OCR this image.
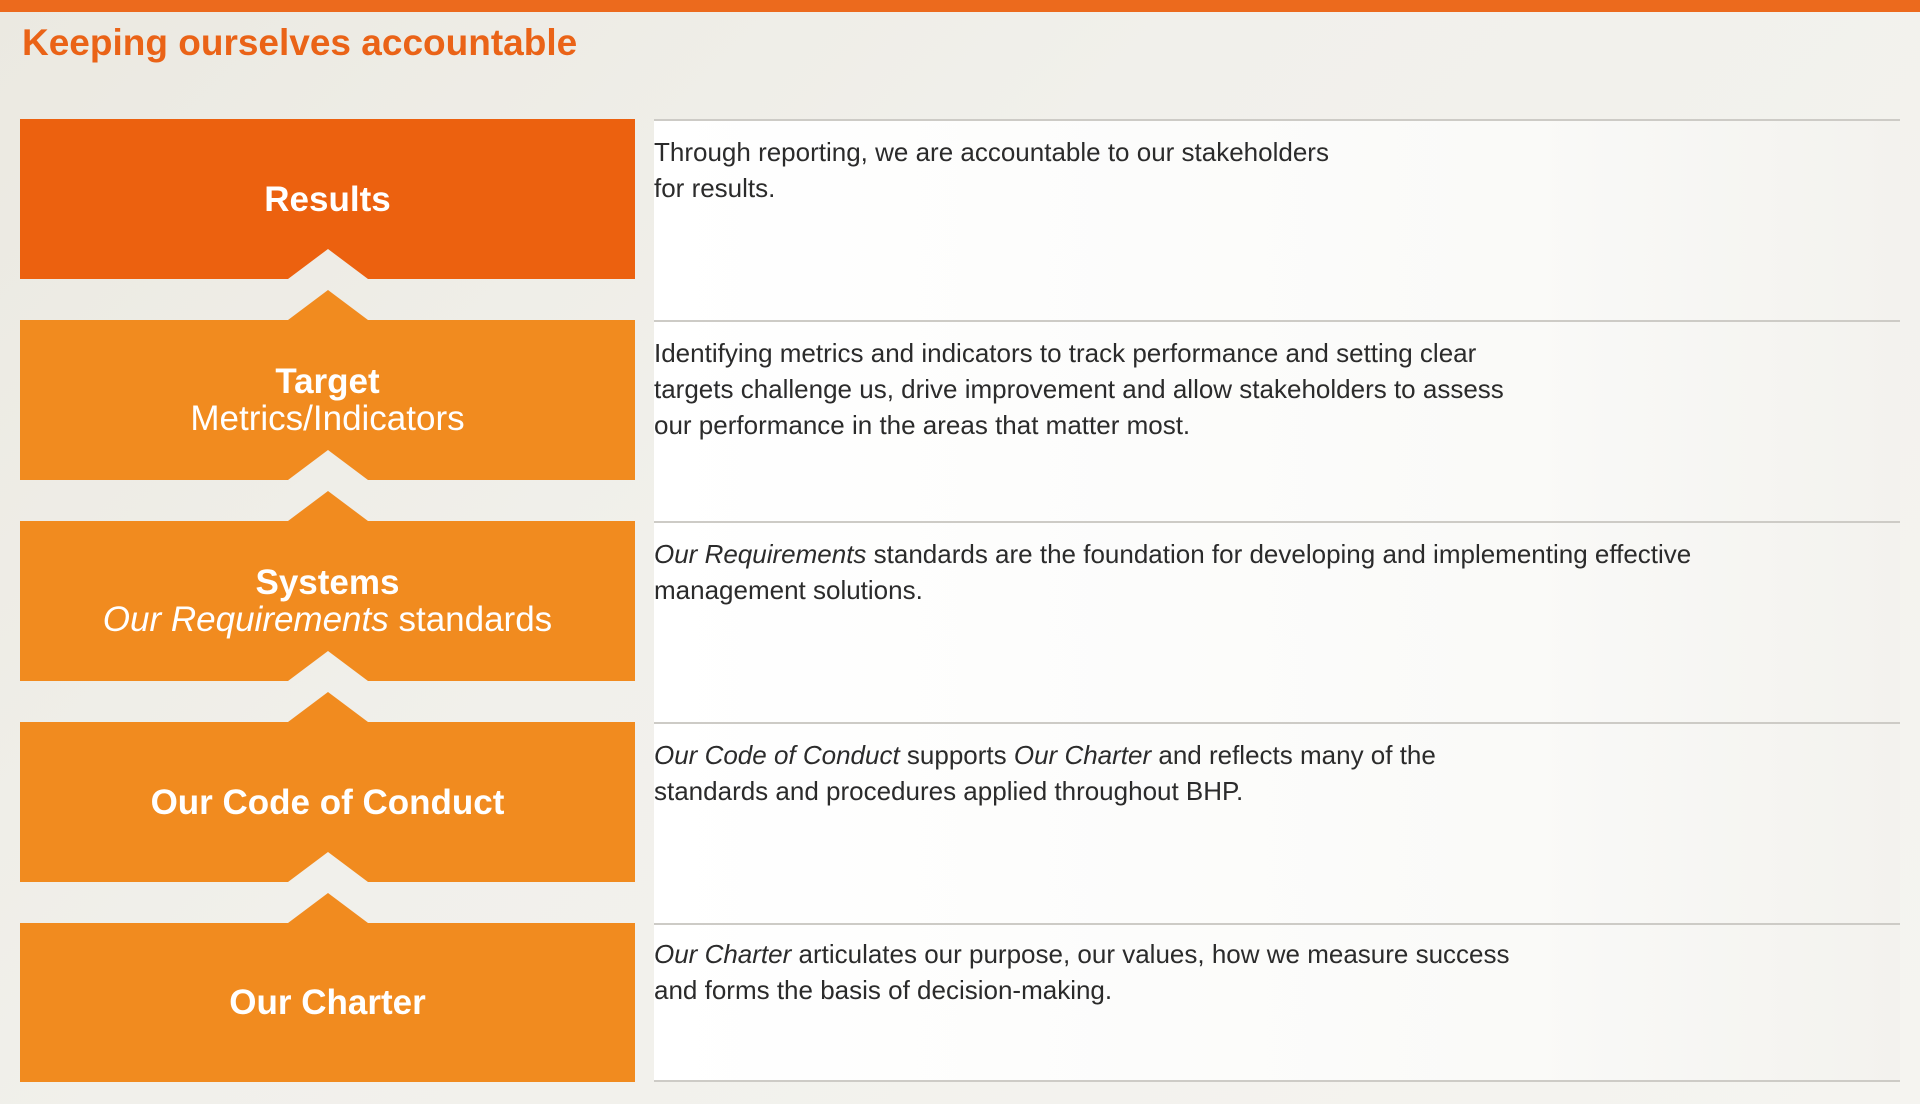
Keeping ourselves accountable
Results
Target
Metrics/Indicators
Systems
Our Requirements standards
Our Code of Conduct
Our Charter
Through reporting, we are accountable to our stakeholders
for results.
Identifying metrics and indicators to track performance and setting clear
targets challenge us, drive improvement and allow stakeholders to assess
our performance in the areas that matter most.
Our Requirements standards are the foundation for developing and implementing effective
management solutions.
Our Code of Conduct supports Our Charter and reflects many of the
standards and procedures applied throughout BHP.
Our Charter articulates our purpose, our values, how we measure success
and forms the basis of decision-making.
